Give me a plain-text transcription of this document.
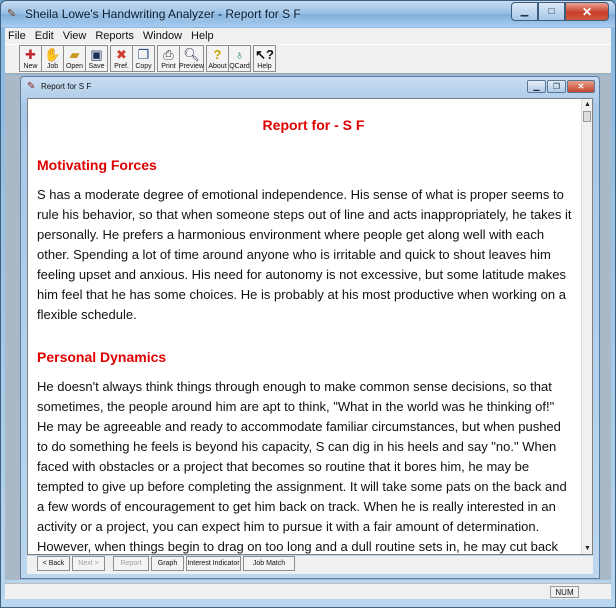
✎ Sheila Lowe's Handwriting Analyzer - Report for S F	▁	□	✕
File Edit View Reports Window Help
✚
New
✋
Job
▰
Open
▣
Save
✖
Pref.
❐
Copy
⎙
Print
🔍︎
Preview
?
About
♁
QCard
↖?
Help
✎ Report for S F	▁	❐	✕
Report for - S F
Motivating Forces
S has a moderate degree of emotional independence. His sense of what is proper seems to rule his behavior, so that when someone steps out of line and acts inappropriately, he takes it personally. He prefers a harmonious environment where people get along well with each other. Spending a lot of time around anyone who is irritable and quick to shout leaves him feeling upset and anxious. His need for autonomy is not excessive, but some latitude makes him feel that he has some choices. He is probably at his most productive when working on a flexible schedule.
Personal Dynamics
He doesn't always think things through enough to make common sense decisions, so that sometimes, the people around him are apt to think, "What in the world was he thinking of!" He may be agreeable and ready to accommodate familiar circumstances, but when pushed to do something he feels is beyond his capacity, S can dig in his heels and say "no." When faced with obstacles or a project that becomes so routine that it bores him, he may be tempted to give up before completing the assignment. It will take some pats on the back and a few words of encouragement to get him back on track. When he is really interested in an activity or a project, you can expect him to pursue it with a fair amount of determination. However, when things begin to drag on too long and a dull routine sets in, he may cut back
▲
▼
< Back	Next >	Report	Graph	Interest Indicator	Job Match
NUM
